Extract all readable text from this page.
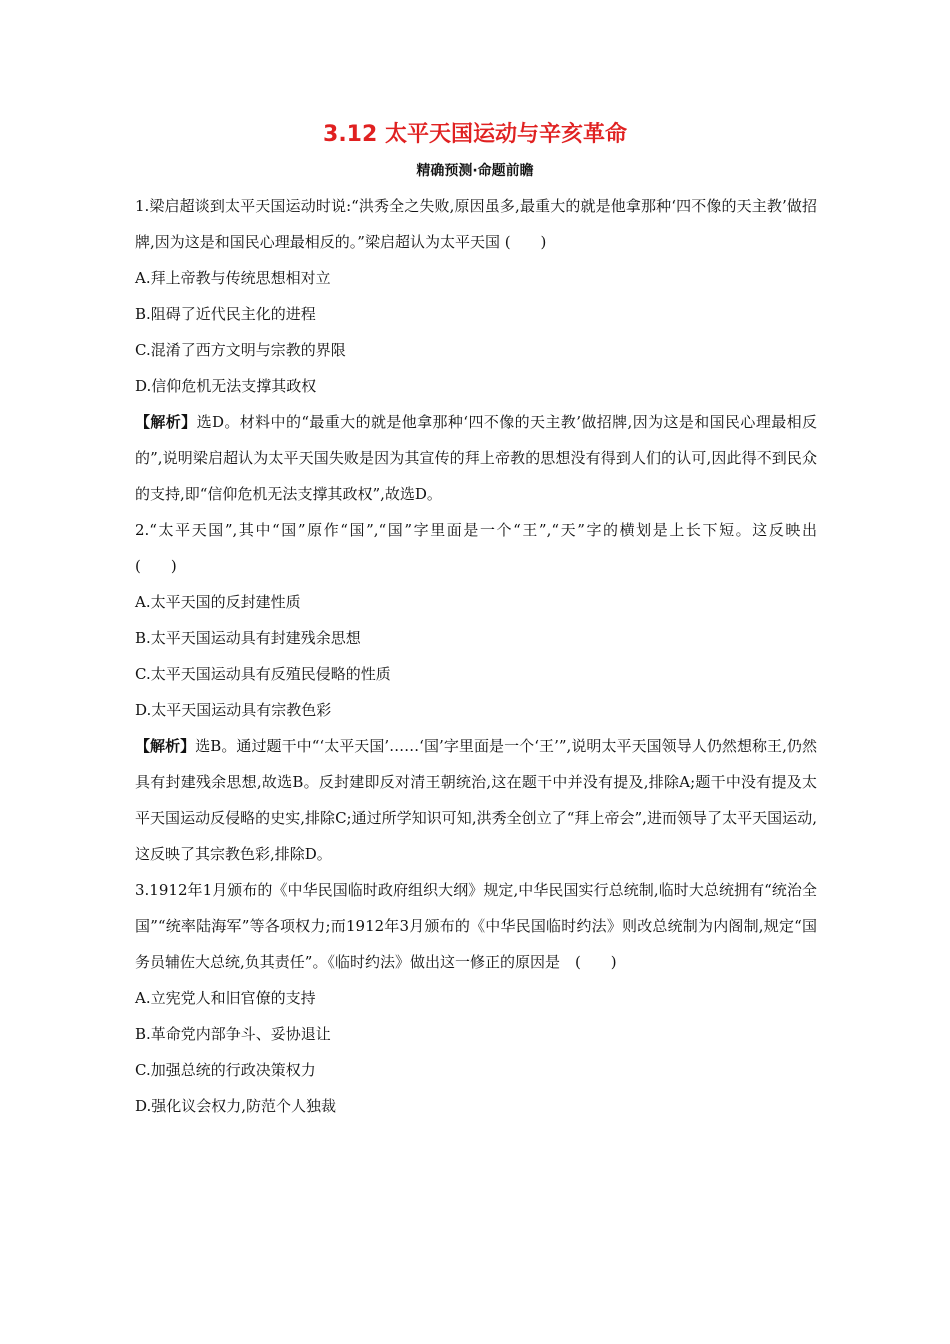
3.12 太平天国运动与辛亥革命
精确预测·命题前瞻

1.梁启超谈到太平天国运动时说:“洪秀全之失败,原因虽多,最重大的就是他拿那种‘四不像的天主教’做招牌,因为这是和国民心理最相反的。”梁启超认为太平天国 (　　)

A.拜上帝教与传统思想相对立

B.阻碍了近代民主化的进程

C.混淆了西方文明与宗教的界限

D.信仰危机无法支撑其政权

【解析】选D。材料中的“最重大的就是他拿那种‘四不像的天主教’做招牌,因为这是和国民心理最相反的”,说明梁启超认为太平天国失败是因为其宣传的拜上帝教的思想没有得到人们的认可,因此得不到民众的支持,即“信仰危机无法支撑其政权”,故选D。

2.“太平天国”,其中“国”原作“国”,“国”字里面是一个“王”,“天”字的横划是上长下短。这反映出　　(　　)

A.太平天国的反封建性质

B.太平天国运动具有封建残余思想

C.太平天国运动具有反殖民侵略的性质

D.太平天国运动具有宗教色彩

【解析】选B。通过题干中“‘太平天国’……‘国’字里面是一个‘王’”,说明太平天国领导人仍然想称王,仍然具有封建残余思想,故选B。反封建即反对清王朝统治,这在题干中并没有提及,排除A;题干中没有提及太平天国运动反侵略的史实,排除C;通过所学知识可知,洪秀全创立了“拜上帝会”,进而领导了太平天国运动,这反映了其宗教色彩,排除D。

3.1912年1月颁布的《中华民国临时政府组织大纲》规定,中华民国实行总统制,临时大总统拥有“统治全国”“统率陆海军”等各项权力;而1912年3月颁布的《中华民国临时约法》则改总统制为内阁制,规定“国务员辅佐大总统,负其责任”。《临时约法》做出这一修正的原因是　(　　)

A.立宪党人和旧官僚的支持

B.革命党内部争斗、妥协退让

C.加强总统的行政决策权力

D.强化议会权力,防范个人独裁
